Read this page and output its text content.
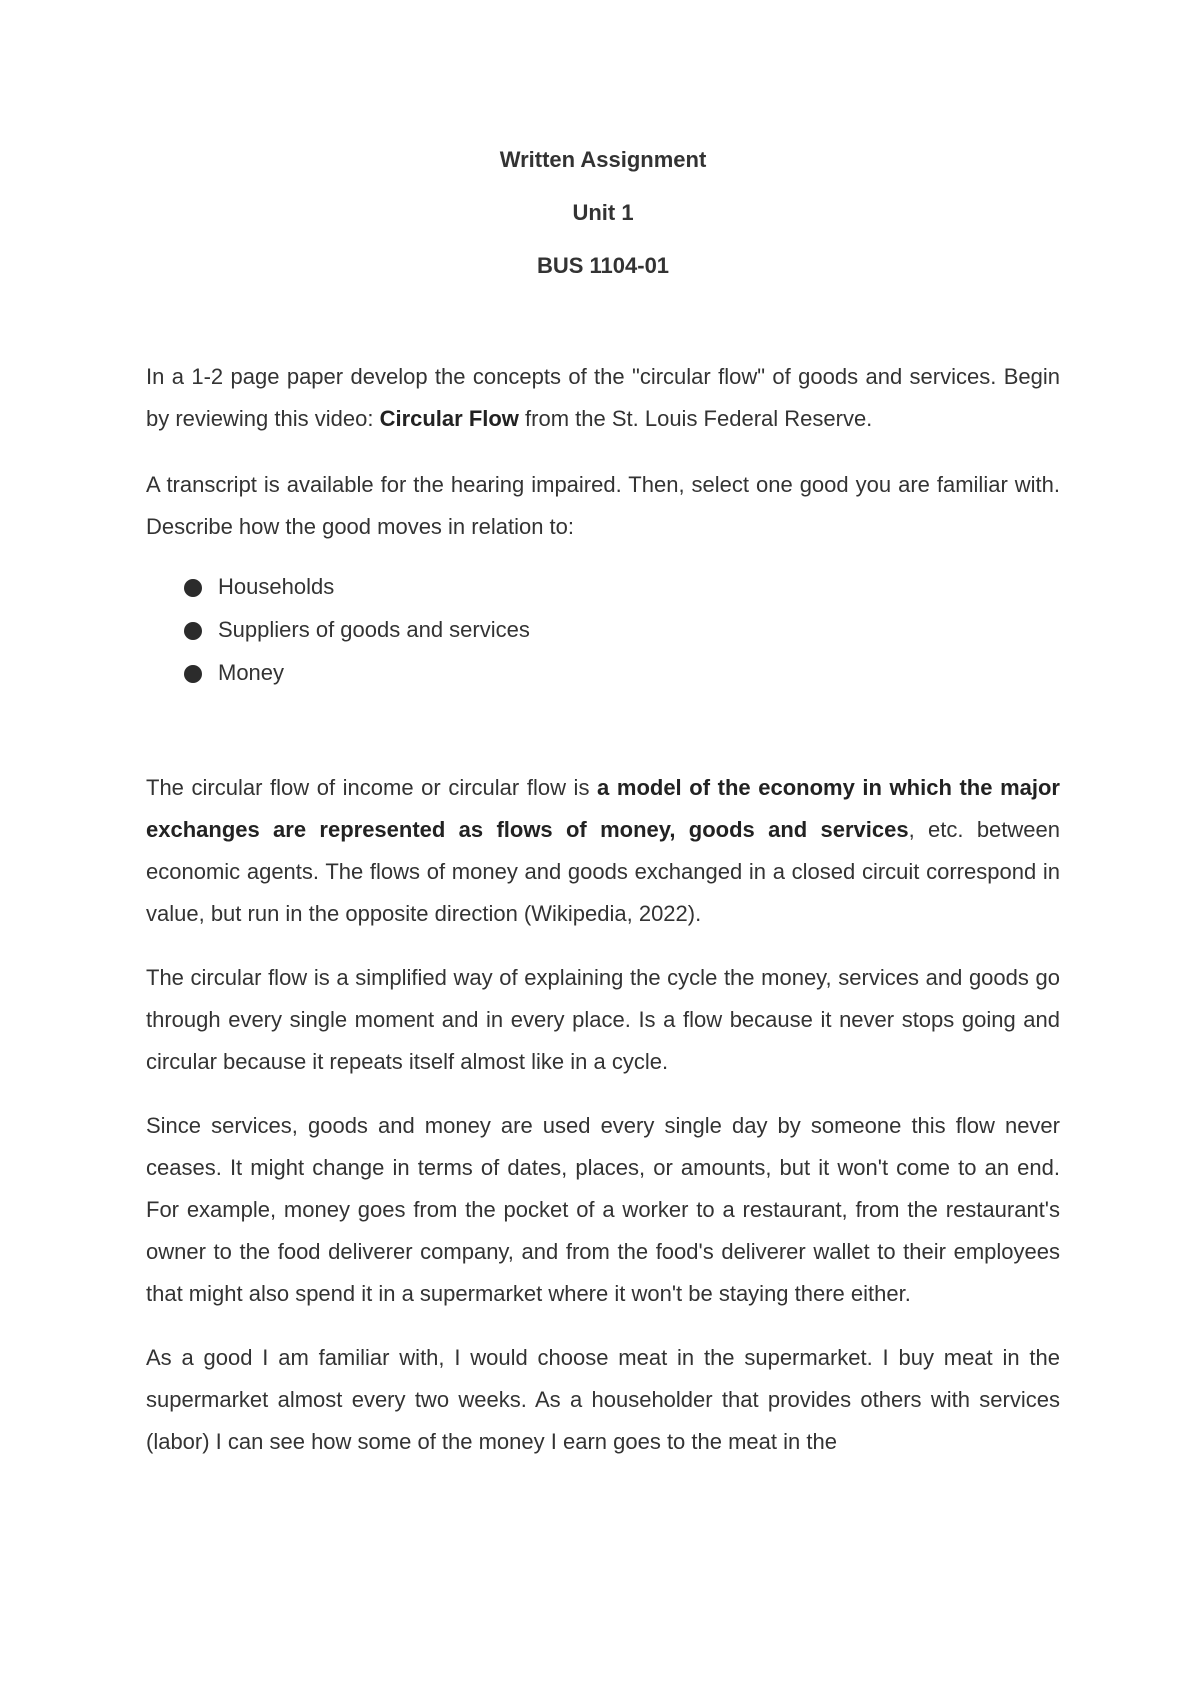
Written Assignment
Unit 1
BUS 1104-01

In a 1-2 page paper develop the concepts of the "circular flow" of goods and services. Begin by reviewing this video: Circular Flow from the St. Louis Federal Reserve.

A transcript is available for the hearing impaired. Then, select one good you are familiar with. Describe how the good moves in relation to:

Households
Suppliers of goods and services
Money

The circular flow of income or circular flow is a model of the economy in which the major exchanges are represented as flows of money, goods and services, etc. between economic agents. The flows of money and goods exchanged in a closed circuit correspond in value, but run in the opposite direction (Wikipedia, 2022).

The circular flow is a simplified way of explaining the cycle the money, services and goods go through every single moment and in every place. Is a flow because it never stops going and circular because it repeats itself almost like in a cycle.

Since services, goods and money are used every single day by someone this flow never ceases. It might change in terms of dates, places, or amounts, but it won't come to an end. For example, money goes from the pocket of a worker to a restaurant, from the restaurant's owner to the food deliverer company, and from the food's deliverer wallet to their employees that might also spend it in a supermarket where it won't be staying there either.

As a good I am familiar with, I would choose meat in the supermarket. I buy meat in the supermarket almost every two weeks. As a householder that provides others with services (labor) I can see how some of the money I earn goes to the meat in the
